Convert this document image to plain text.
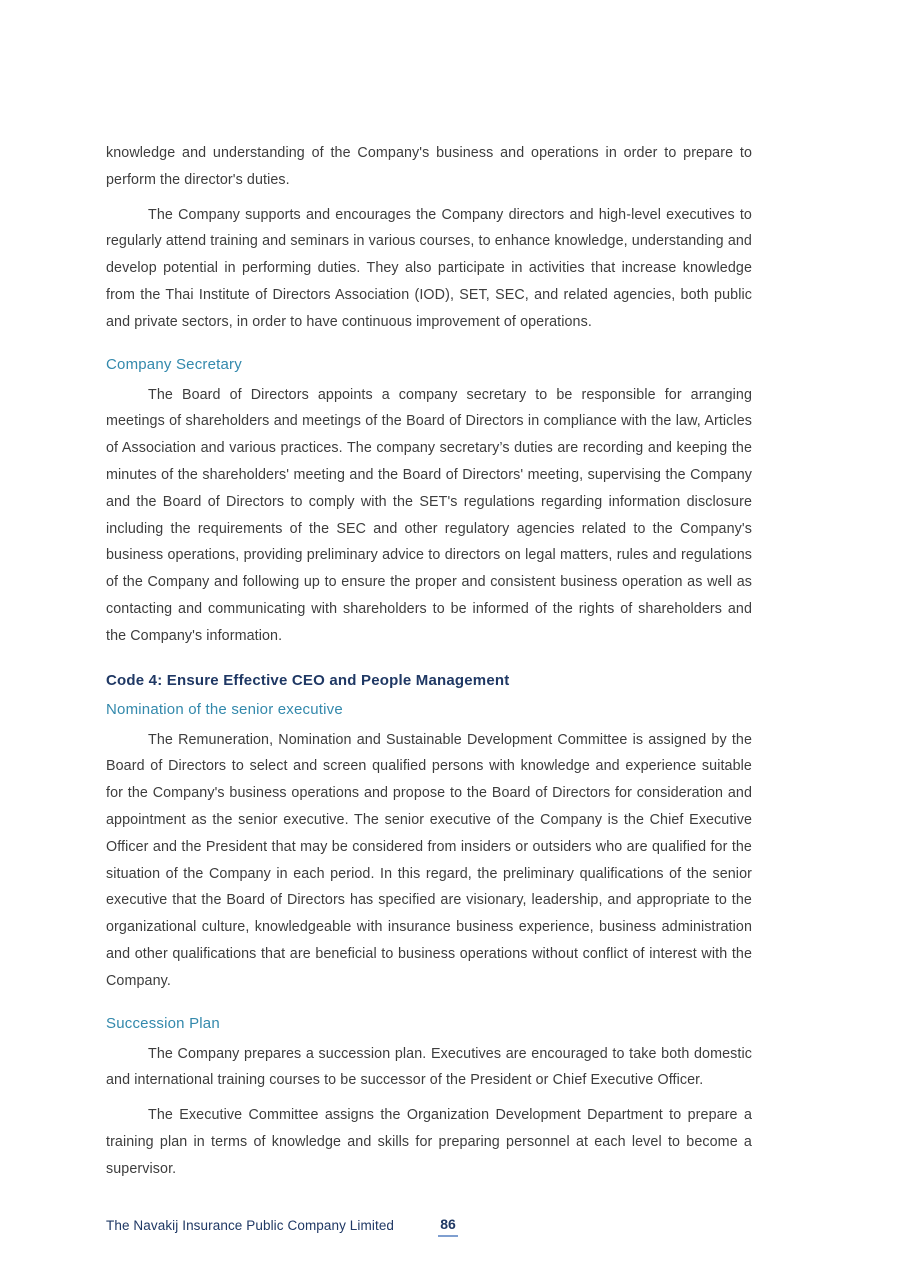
knowledge and understanding of the Company's business and operations in order to prepare to perform the director's duties.

The Company supports and encourages the Company directors and high-level executives to regularly attend training and seminars in various courses, to enhance knowledge, understanding and develop potential in performing duties. They also participate in activities that increase knowledge from the Thai Institute of Directors Association (IOD), SET, SEC, and related agencies, both public and private sectors, in order to have continuous improvement of operations.

Company Secretary

The Board of Directors appoints a company secretary to be responsible for arranging meetings of shareholders and meetings of the Board of Directors in compliance with the law, Articles of Association and various practices. The company secretary’s duties are recording and keeping the minutes of the shareholders' meeting and the Board of Directors' meeting, supervising the Company and the Board of Directors to comply with the SET's regulations regarding information disclosure including the requirements of the SEC and other regulatory agencies related to the Company's business operations, providing preliminary advice to directors on legal matters, rules and regulations of the Company and following up to ensure the proper and consistent business operation as well as contacting and communicating with shareholders to be informed of the rights of shareholders and the Company's information.

Code 4: Ensure Effective CEO and People Management
Nomination of the senior executive

The Remuneration, Nomination and Sustainable Development Committee is assigned by the Board of Directors to select and screen qualified persons with knowledge and experience suitable for the Company's business operations and propose to the Board of Directors for consideration and appointment as the senior executive. The senior executive of the Company is the Chief Executive Officer and the President that may be considered from insiders or outsiders who are qualified for the situation of the Company in each period. In this regard, the preliminary qualifications of the senior executive that the Board of Directors has specified are visionary, leadership, and appropriate to the organizational culture, knowledgeable with insurance business experience, business administration and other qualifications that are beneficial to business operations without conflict of interest with the Company.

Succession Plan

The Company prepares a succession plan. Executives are encouraged to take both domestic and international training courses to be successor of the President or Chief Executive Officer.

The Executive Committee assigns the Organization Development Department to prepare a training plan in terms of knowledge and skills for preparing personnel at each level to become a supervisor.

The Navakij Insurance Public Company Limited	86
